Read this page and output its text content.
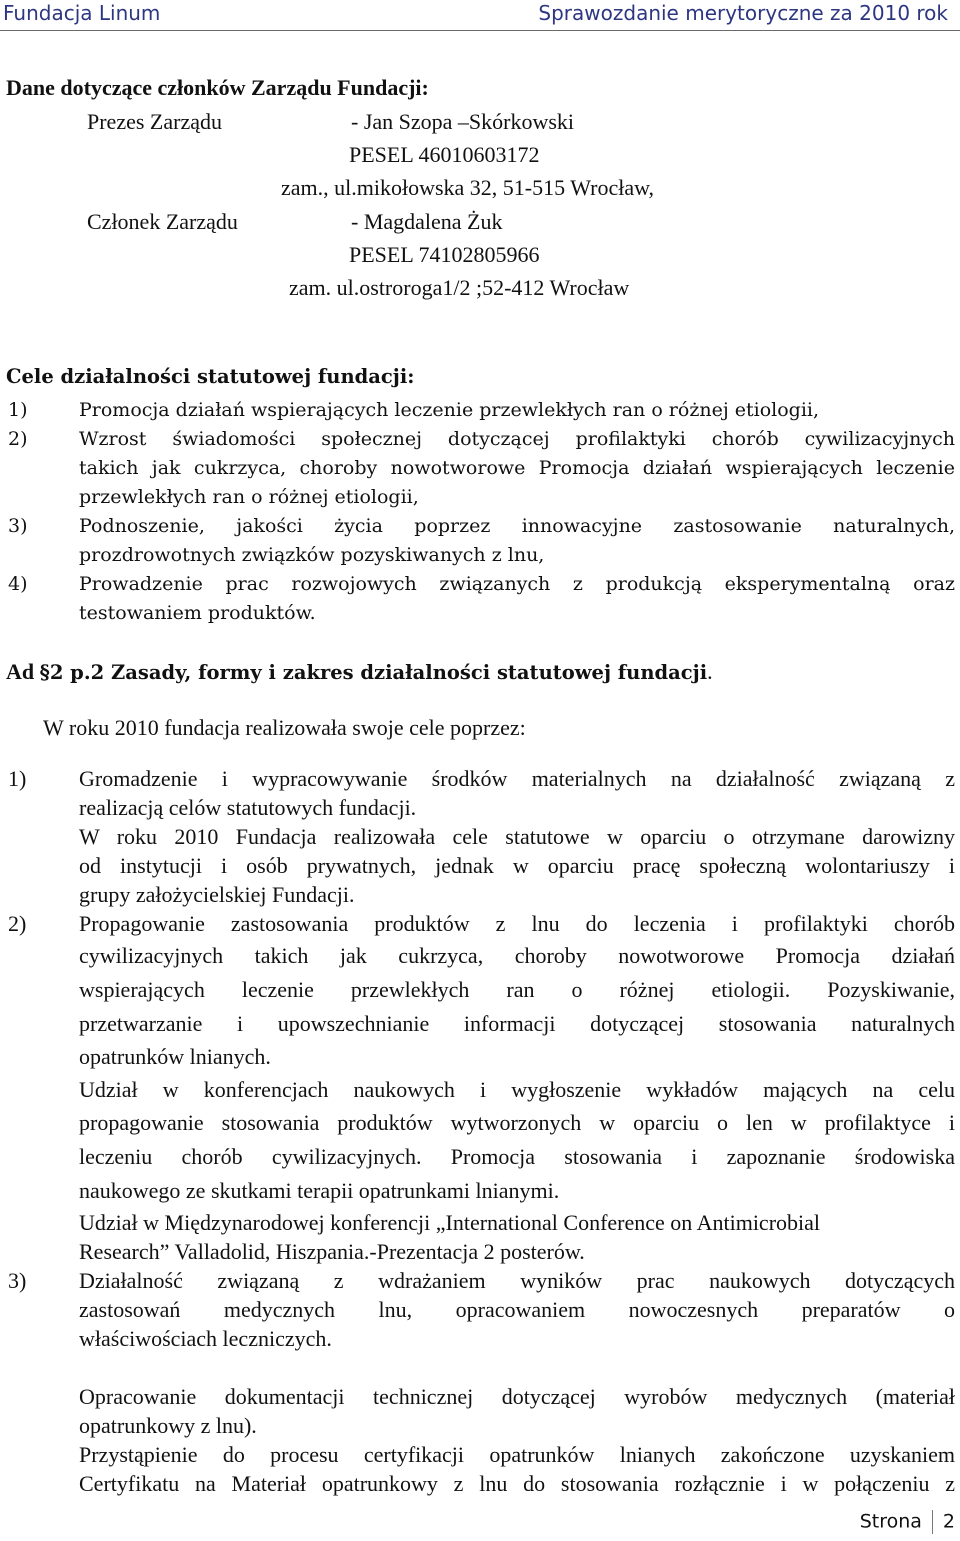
Fundacja Linum	Sprawozdanie merytoryczne za 2010 rok
Dane dotyczące członków Zarządu Fundacji:
Prezes Zarządu	- Jan Szopa –Skórkowski
PESEL 46010603172
zam., ul.mikołowska 32, 51-515 Wrocław,
Członek Zarządu	- Magdalena Żuk
PESEL 74102805966
zam. ul.ostroroga1/2 ;52-412 Wrocław
Cele działalności statutowej fundacji:
1)	Promocja działań wspierających leczenie przewlekłych ran o różnej etiologii,
2)	Wzrost świadomości społecznej dotyczącej profilaktyki chorób cywilizacyjnych
takich jak cukrzyca, choroby nowotworowe Promocja działań wspierających leczenie
przewlekłych ran o różnej etiologii,
3)	Podnoszenie, jakości życia poprzez innowacyjne zastosowanie naturalnych,
prozdrowotnych związków pozyskiwanych z lnu,
4)	Prowadzenie prac rozwojowych związanych z produkcją eksperymentalną oraz
testowaniem produktów.
Ad §2 p.2 Zasady, formy i zakres działalności statutowej fundacji.
W roku 2010 fundacja realizowała swoje cele poprzez:
1) Gromadzenie i wypracowywanie środków materialnych na działalność związaną z
realizacją celów statutowych fundacji.
W roku 2010 Fundacja realizowała cele statutowe w oparciu o otrzymane darowizny
od instytucji i osób prywatnych, jednak w oparciu pracę społeczną wolontariuszy i
grupy założycielskiej Fundacji.
2) Propagowanie zastosowania produktów z lnu do leczenia i profilaktyki chorób
cywilizacyjnych takich jak cukrzyca, choroby nowotworowe Promocja działań
wspierających leczenie przewlekłych ran o różnej etiologii. Pozyskiwanie,
przetwarzanie i upowszechnianie informacji dotyczącej stosowania naturalnych
opatrunków lnianych.
Udział w konferencjach naukowych i wygłoszenie wykładów mających na celu
propagowanie stosowania produktów wytworzonych w oparciu o len w profilaktyce i
leczeniu chorób cywilizacyjnych. Promocja stosowania i zapoznanie środowiska
naukowego ze skutkami terapii opatrunkami lnianymi.
Udział w Międzynarodowej konferencji „International Conference on Antimicrobial
Research” Valladolid, Hiszpania.-Prezentacja 2 posterów.
3) Działalność związaną z wdrażaniem wyników prac naukowych dotyczących
zastosowań medycznych lnu, opracowaniem nowoczesnych preparatów o
właściwościach leczniczych.
Opracowanie dokumentacji technicznej dotyczącej wyrobów medycznych (materiał
opatrunkowy z lnu).
Przystąpienie do procesu certyfikacji opatrunków lnianych zakończone uzyskaniem
Certyfikatu na Materiał opatrunkowy z lnu do stosowania rozłącznie i w połączeniu z
Strona 2
